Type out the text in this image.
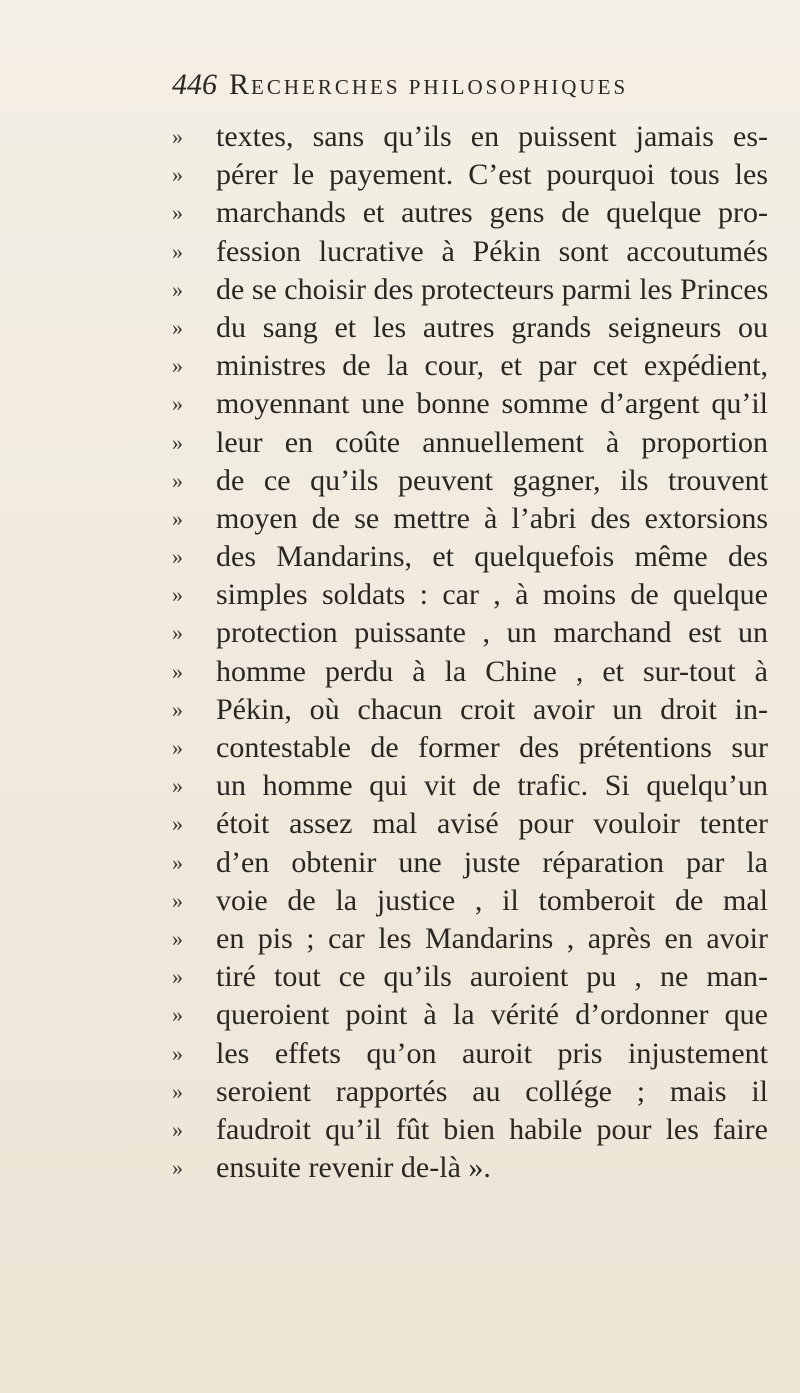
446 RECHERCHES PHILOSOPHIQUES
»	textes, sans qu’ils en puissent jamais es-
»	pérer le payement. C’est pourquoi tous les
»	marchands et autres gens de quelque pro-
»	fession lucrative à Pékin sont accoutumés
»	de se choisir des protecteurs parmi les Princes
»	du sang et les autres grands seigneurs ou
»	ministres de la cour, et par cet expédient,
»	moyennant une bonne somme d’argent qu’il
»	leur en coûte annuellement à proportion
»	de ce qu’ils peuvent gagner, ils trouvent
»	moyen de se mettre à l’abri des extorsions
»	des Mandarins, et quelquefois même des
»	simples soldats : car , à moins de quelque
»	protection puissante , un marchand est un
»	homme perdu à la Chine , et sur-tout à
»	Pékin, où chacun croit avoir un droit in-
»	contestable de former des prétentions sur
»	un homme qui vit de trafic. Si quelqu’un
»	étoit assez mal avisé pour vouloir tenter
»	d’en obtenir une juste réparation par la
»	voie de la justice , il tomberoit de mal
»	en pis ; car les Mandarins , après en avoir
»	tiré tout ce qu’ils auroient pu , ne man-
»	queroient point à la vérité d’ordonner que
»	les effets qu’on auroit pris injustement
»	seroient rapportés au collége ; mais il
»	faudroit qu’il fût bien habile pour les faire
»	ensuite revenir de-là ».
